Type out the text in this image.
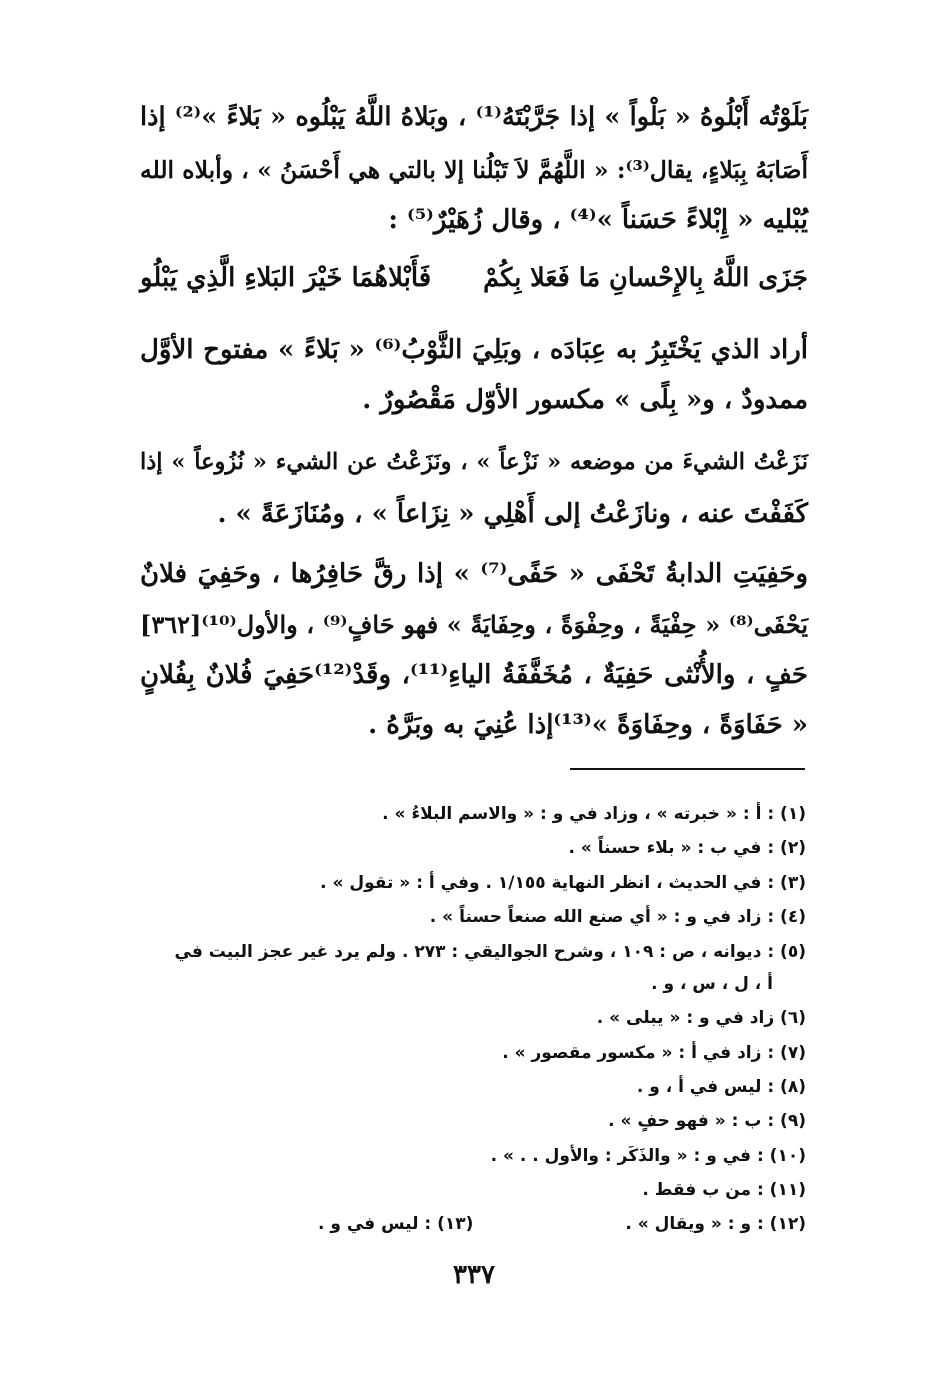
بَلَوْتُه أَبْلُوهُ « بَلْواً » إذا جَرَّبْتَهُ⁽¹⁾ ، وبَلاهُ اللَّهُ يَبْلُوه « بَلاءً »⁽²⁾ إذا
أَصَابَهُ بِبَلاءٍ، يقال⁽³⁾: « اللَّهُمَّ لاَ تَبْلُنا إلا بالتي هي أَحْسَنُ » ، وأبلاه الله
يُبْليه « إِبْلاءً حَسَناً »⁽⁴⁾ ، وقال زُهَيْرٌ⁽⁵⁾ :
جَزَى اللَّهُ بِالإِحْسانِ مَا فَعَلا بِكُمْ
فَأَبْلاهُمَا خَيْرَ البَلاءِ الَّذِي يَبْلُو
أراد الذي يَخْتَبِرُ به عِبَادَه ، وبَلِيَ الثَّوْبُ⁽⁶⁾ « بَلاءً » مفتوح الأوَّل
ممدودٌ ، و« بِلًى » مكسور الأوّل مَقْصُورٌ .
نَزَعْتُ الشيءَ من موضعه « نَزْعاً » ، ونَزَعْتُ عن الشيء « نُزُوعاً » إذا
كَفَفْتَ عنه ، ونازَعْتُ إلى أَهْلِي « نِزَاعاً » ، ومُنَازَعَةً » .
وحَفِيَتِ الدابةُ تَحْفَى « حَفًى⁽⁷⁾ » إذا رقَّ حَافِرُها ، وحَفِيَ فلانٌ
يَحْفَى⁽⁸⁾ « حِفْيَةً ، وحِفْوَةً ، وحِفَايَةً » فهو حَافٍ⁽⁹⁾ ، والأول⁽¹⁰⁾[٣٦٢]
حَفٍ ، والأُنْثى حَفِيَةٌ ، مُخَفَّفَةُ الياءِ⁽¹¹⁾، وقَدْ⁽¹²⁾حَفِيَ فُلانٌ بِفُلانٍ
« حَفَاوَةً ، وحِفَاوَةً »⁽¹³⁾إذا عُنِيَ به وبَرَّهُ .
(١) : أ : « خبرته » ، وزاد في و : « والاسم البلاءُ » .
(٢) : في ب : « بلاء حسناً » .
(٣) : في الحديث ، انظر النهاية ١/١٥٥ . وفي أ : « تقول » .
(٤) : زاد في و : « أي صنع الله صنعاً حسناً » .
(٥) : ديوانه ، ص : ١٠٩ ، وشرح الجواليقي : ٢٧٣ . ولم يرد غير عجز البيت في
أ ، ل ، س ، و .
(٦) زاد في و : « يبلى » .
(٧) : زاد في أ : « مكسور مقصور » .
(٨) : ليس في أ ، و .
(٩) : ب : « فهو حفٍ » .
(١٠) : في و : « والذَكَر : والأول . . » .
(١١) : من ب فقط .
(١٢) : و : « ويقال » .
(١٣) : ليس في و .
٣٣٧
